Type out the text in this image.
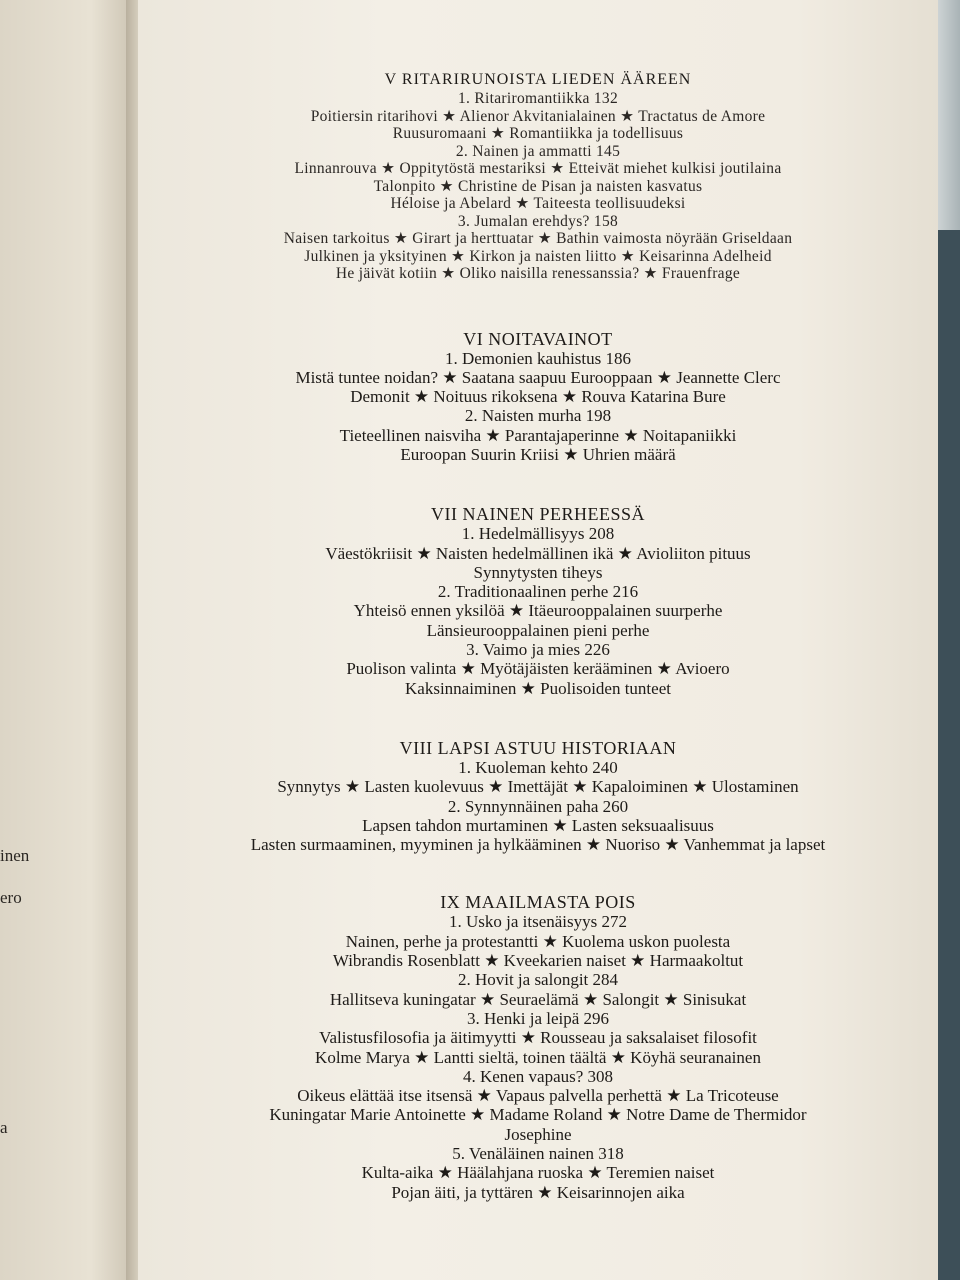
inen
ero
a
V RITARIRUNOISTA LIEDEN ÄÄREEN
1. Ritariromantiikka 132
Poitiersin ritarihovi ★ Alienor Akvitanialainen ★ Tractatus de Amore
Ruusuromaani ★ Romantiikka ja todellisuus
2. Nainen ja ammatti 145
Linnanrouva ★ Oppitytöstä mestariksi ★ Etteivät miehet kulkisi joutilaina
Talonpito ★ Christine de Pisan ja naisten kasvatus
Héloise ja Abelard ★ Taiteesta teollisuudeksi
3. Jumalan erehdys? 158
Naisen tarkoitus ★ Girart ja herttuatar ★ Bathin vaimosta nöyrään Griseldaan
Julkinen ja yksityinen ★ Kirkon ja naisten liitto ★ Keisarinna Adelheid
He jäivät kotiin ★ Oliko naisilla renessanssia? ★ Frauenfrage
VI NOITAVAINOT
1. Demonien kauhistus 186
Mistä tuntee noidan? ★ Saatana saapuu Eurooppaan ★ Jeannette Clerc
Demonit ★ Noituus rikoksena ★ Rouva Katarina Bure
2. Naisten murha 198
Tieteellinen naisviha ★ Parantajaperinne ★ Noitapaniikki
Euroopan Suurin Kriisi ★ Uhrien määrä
VII NAINEN PERHEESSÄ
1. Hedelmällisyys 208
Väestökriisit ★ Naisten hedelmällinen ikä ★ Avioliiton pituus
Synnytysten tiheys
2. Traditionaalinen perhe 216
Yhteisö ennen yksilöä ★ Itäeurooppalainen suurperhe
Länsieurooppalainen pieni perhe
3. Vaimo ja mies 226
Puolison valinta ★ Myötäjäisten kerääminen ★ Avioero
Kaksinnaiminen ★ Puolisoiden tunteet
VIII LAPSI ASTUU HISTORIAAN
1. Kuoleman kehto 240
Synnytys ★ Lasten kuolevuus ★ Imettäjät ★ Kapaloiminen ★ Ulostaminen
2. Synnynnäinen paha 260
Lapsen tahdon murtaminen ★ Lasten seksuaalisuus
Lasten surmaaminen, myyminen ja hylkääminen ★ Nuoriso ★ Vanhemmat ja lapset
IX MAAILMASTA POIS
1. Usko ja itsenäisyys 272
Nainen, perhe ja protestantti ★ Kuolema uskon puolesta
Wibrandis Rosenblatt ★ Kveekarien naiset ★ Harmaakoltut
2. Hovit ja salongit 284
Hallitseva kuningatar ★ Seuraelämä ★ Salongit ★ Sinisukat
3. Henki ja leipä 296
Valistusfilosofia ja äitimyytti ★ Rousseau ja saksalaiset filosofit
Kolme Marya ★ Lantti sieltä, toinen täältä ★ Köyhä seuranainen
4. Kenen vapaus? 308
Oikeus elättää itse itsensä ★ Vapaus palvella perhettä ★ La Tricoteuse
Kuningatar Marie Antoinette ★ Madame Roland ★ Notre Dame de Thermidor
Josephine
5. Venäläinen nainen 318
Kulta-aika ★ Häälahjana ruoska ★ Teremien naiset
Pojan äiti, ja tyttären ★ Keisarinnojen aika
